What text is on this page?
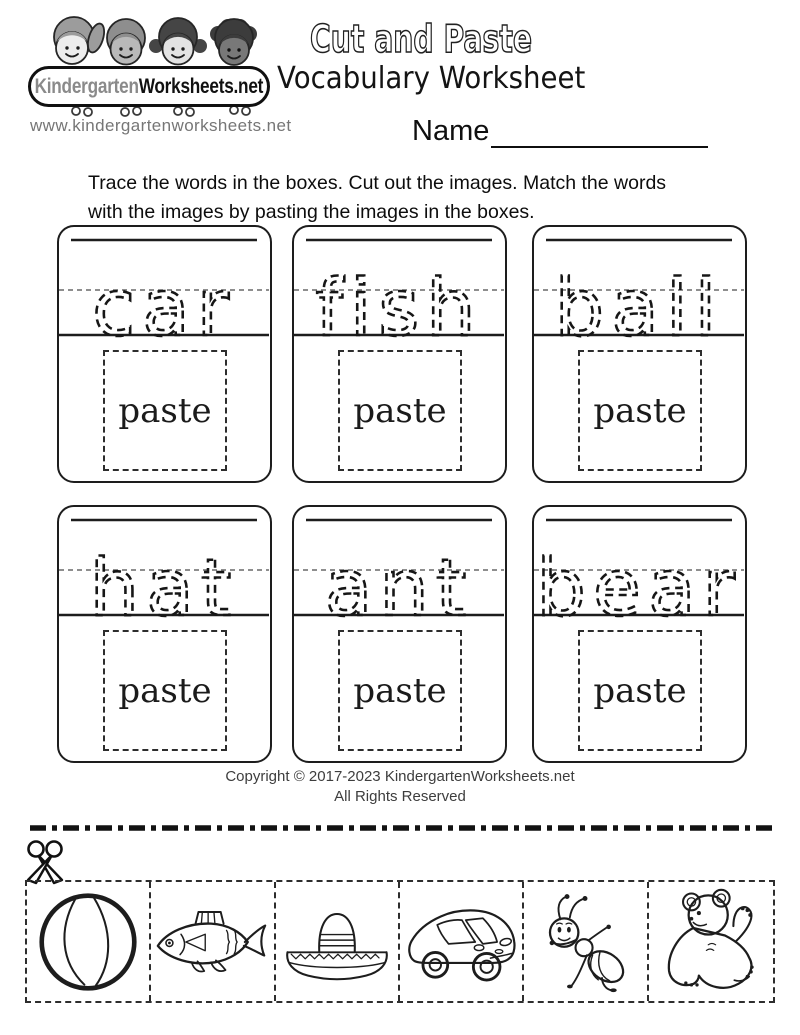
KindergartenWorksheets.net
www.kindergartenworksheets.net
Cut and Paste
Vocabulary Worksheet
Name
Trace the words in the boxes. Cut out the images. Match the words
with the images by pasting the images in the boxes.
car
paste
fish
paste
ball
paste
hat
paste
ant
paste
bear
paste
Copyright © 2017-2023 KindergartenWorksheets.net
All Rights Reserved
